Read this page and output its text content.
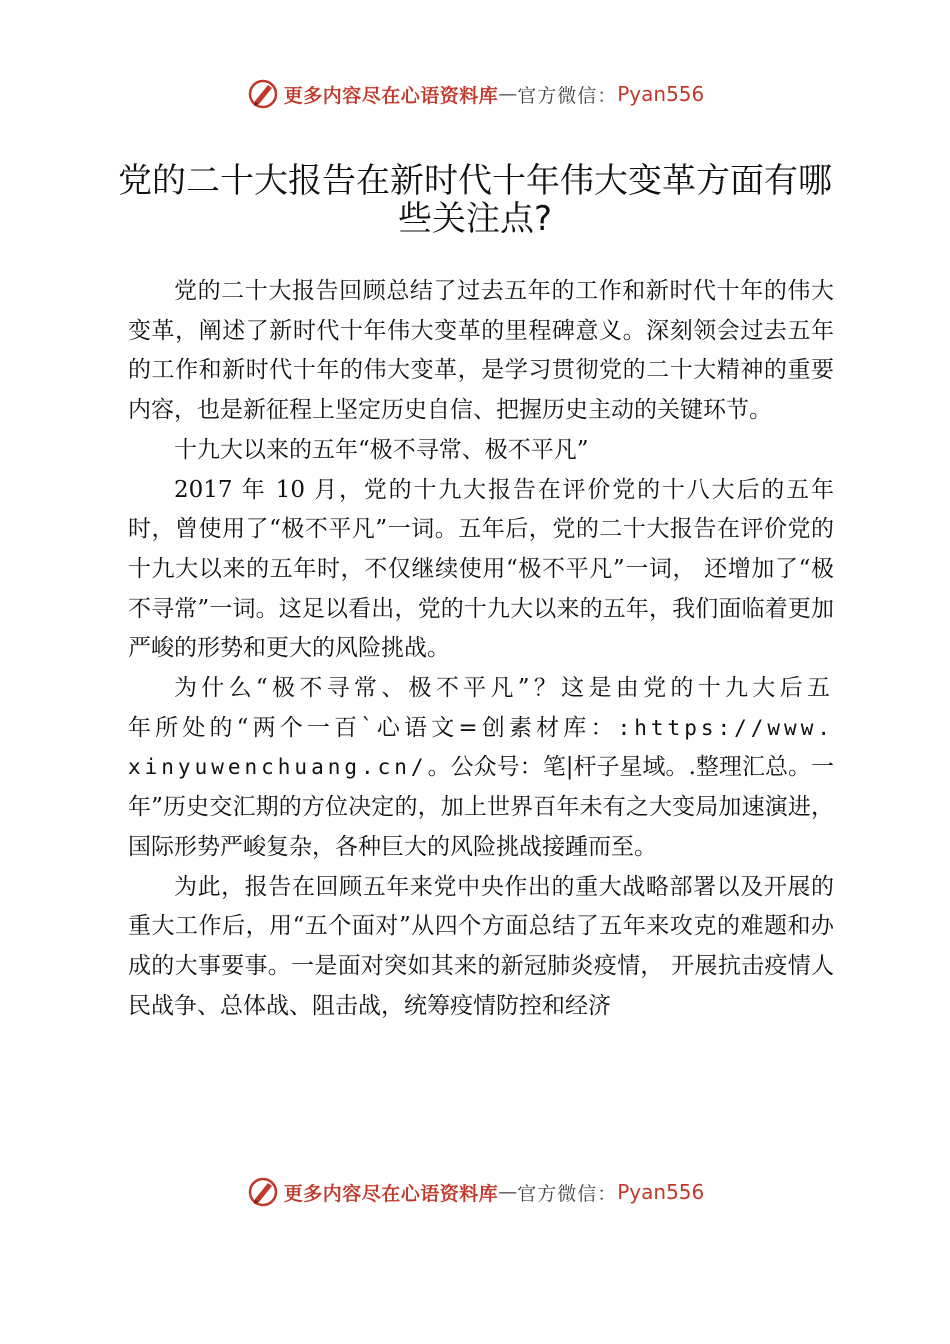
更多内容尽在心语资料库 — 官方微信： Pyan556
党的二十大报告在新时代十年伟大变革方面有哪些关注点?

党的二十大报告回顾总结了过去五年的工作和新时代十年的伟大变革，阐述了新时代十年伟大变革的里程碑意义。深刻领会过去五年的工作和新时代十年的伟大变革，是学习贯彻党的二十大精神的重要内容，也是新征程上坚定历史自信、把握历史主动的关键环节。

十九大以来的五年“极不寻常、极不平凡”

2017 年 10 月，党的十九大报告在评价党的十八大后的五年时，曾使用了“极不平凡”一词。五年后，党的二十大报告在评价党的十九大以来的五年时，不仅继续使用“极不平凡”一词， 还增加了“极不寻常”一词。这足以看出，党的十九大以来的五年，我们面临着更加严峻的形势和更大的风险挑战。

为什么“极不寻常、极不平凡”？这是由党的十九大后五年所处的“两个一百`心语文=创素材库：:https://www.xinyuwenchuang.cn/。公众号：笔|杆子星域。.整理汇总。一年”历史交汇期的方位决定的，加上世界百年未有之大变局加速演进，国际形势严峻复杂，各种巨大的风险挑战接踵而至。

为此，报告在回顾五年来党中央作出的重大战略部署以及开展的重大工作后，用“五个面对”从四个方面总结了五年来攻克的难题和办成的大事要事。一是面对突如其来的新冠肺炎疫情， 开展抗击疫情人民战争、总体战、阻击战，统筹疫情防控和经济

更多内容尽在心语资料库 — 官方微信： Pyan556
